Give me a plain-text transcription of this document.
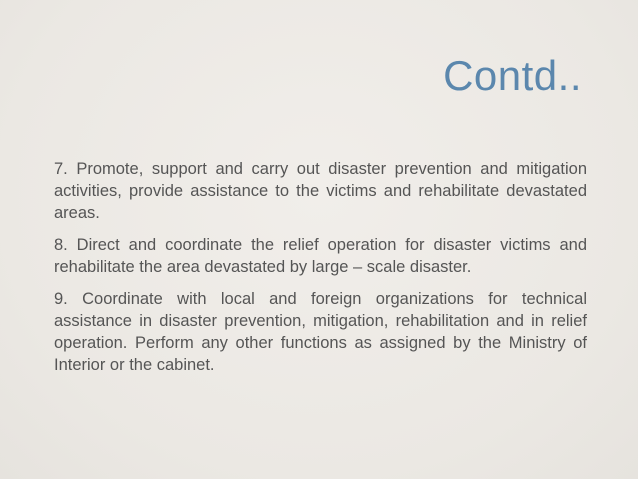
Contd..

7. Promote, support and carry out disaster prevention and mitigation activities, provide assistance to the victims and rehabilitate devastated areas.

8. Direct and coordinate the relief operation for disaster victims and rehabilitate the area devastated by large – scale disaster.

9. Coordinate with local and foreign organizations for technical assistance in disaster prevention, mitigation, rehabilitation and in relief operation. Perform any other functions as assigned by the Ministry of Interior or the cabinet.
